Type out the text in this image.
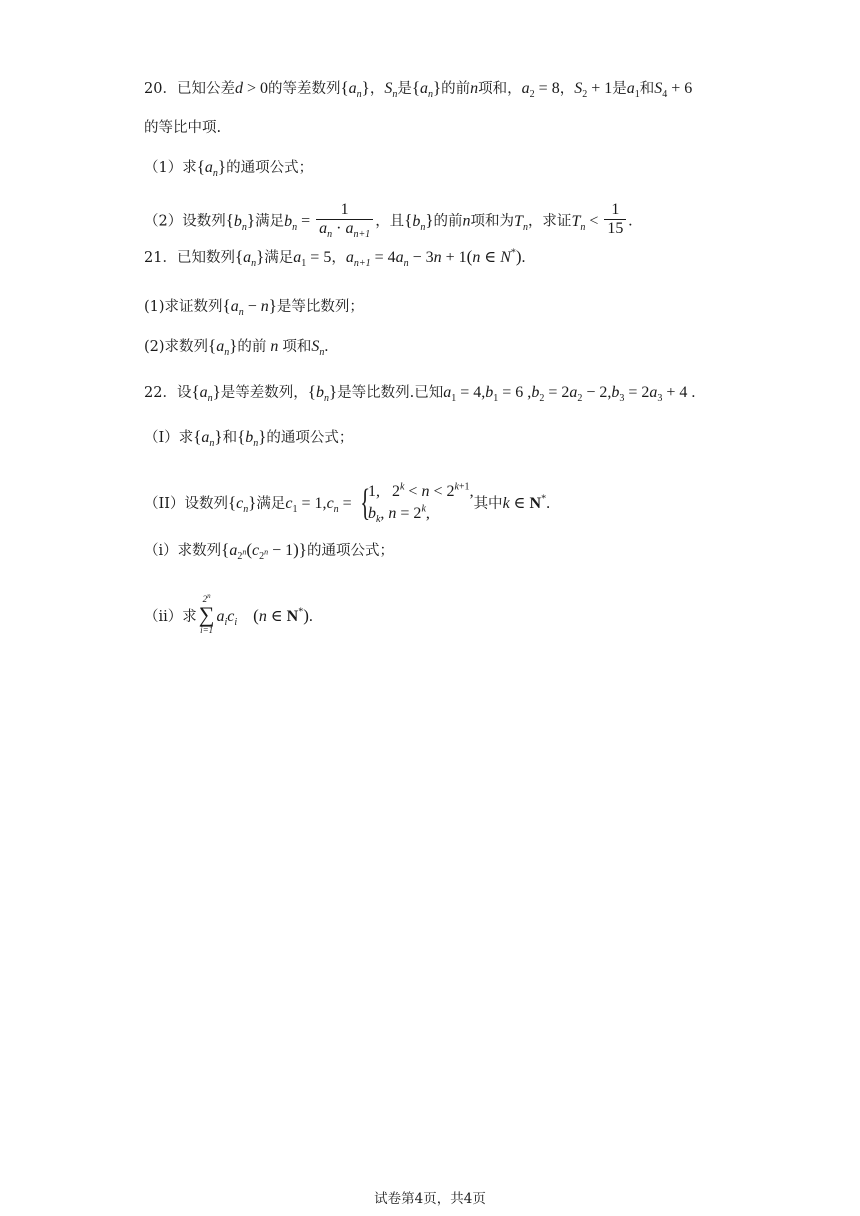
20．已知公差d > 0的等差数列$\{a_n\}$，$S_n$是$\{a_n\}$的前n项和，$a_2 = 8$，$S_2 + 1$是$a_1$和$S_4 + 6$
的等比中项.
（1）求$\{a_n\}$的通项公式；
（2）设数列$\{b_n\}$满足$b_n = \frac{1}{a_n \cdot a_{n+1}}$ ，且$\{b_n\}$的前n项和为$T_n$，求证$T_n < \frac{1}{15}$ .
21．已知数列$\{a_n\}$满足$a_1 = 5$，$a_{n+1} = 4a_n - 3n + 1(n$ ∈ N*).
(1)求证数列$\{a_n - n\}$是等比数列；
(2)求数列$\{a_n\}$的前 n 项和$S_n$.
22．设$\{a_n\}$是等差数列，$\{b_n\}$是等比数列.已知$a_1 = 4,b_1 = 6$ $,b_2 = 2a_2 - 2,b_3 = 2a_3 + 4$ .
（I）求$\{a_n\}$和$\{b_n\}$的通项公式；
（II）设数列$\{c_n\}$满足$c_1 = 1,c_n$ = {
1,   $2^k < n < 2^{k+1}$,
$b_k$, $n = 2^k$,
其中k ∈ N*.
（i）求数列$\{a_{2^n}(c_{2^n} - 1)\}$的通项公式；
（ii）求
2$^n$
∑
i=1
$a_ic_i$ (n ∈ N*).
试卷第4页，共4页
